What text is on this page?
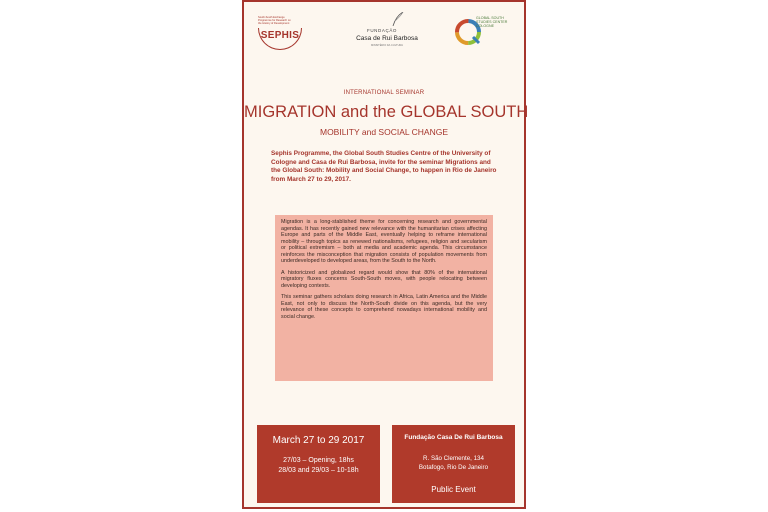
South-South Exchange
Programme for Research on
the History of Development
SEPHIS	FUNDAÇÃO
Casa de Rui Barbosa
MINISTÉRIO DA CULTURA
GLOBAL SOUTH
STUDIES CENTER
COLOGNE
INTERNATIONAL SEMINAR
MIGRATION and the GLOBAL SOUTH
MOBILITY and SOCIAL CHANGE
Sephis Programme, the Global South Studies Centre of the University of Cologne and Casa de Rui Barbosa, invite for the seminar Migrations and the Global South: Mobility and Social Change, to happen in Rio de Janeiro from March 27 to 29, 2017.

Migration is a long-stablished theme for concerning research and governmental agendas. It has recently gained new relevance with the humanitarian crises affecting Europe and parts of the Middle East, eventually helping to reframe international mobility – through topics as renewed nationalisms, refugees, religion and secularism or political extremism – both at media and academic agenda. This circumstance reinforces the misconception that migration consists of population movements from underdeveloped to developed areas, from the South to the North.

A historicized and globalized regard would show that 80% of the international migratory fluxes concerns South-South moves, with people relocating between developing contexts.

This seminar gathers scholars doing research in Africa, Latin America and the Middle East, not only to discuss the North-South divide on this agenda, but the very relevance of these concepts to comprehend nowadays international mobility and social change.

March 27 to 29 2017
27/03 – Opening, 18hs
28/03 and 29/03 – 10-18h
Fundação Casa De Rui Barbosa
R. São Clemente, 134
Botafogo, Rio De Janeiro
Public Event
